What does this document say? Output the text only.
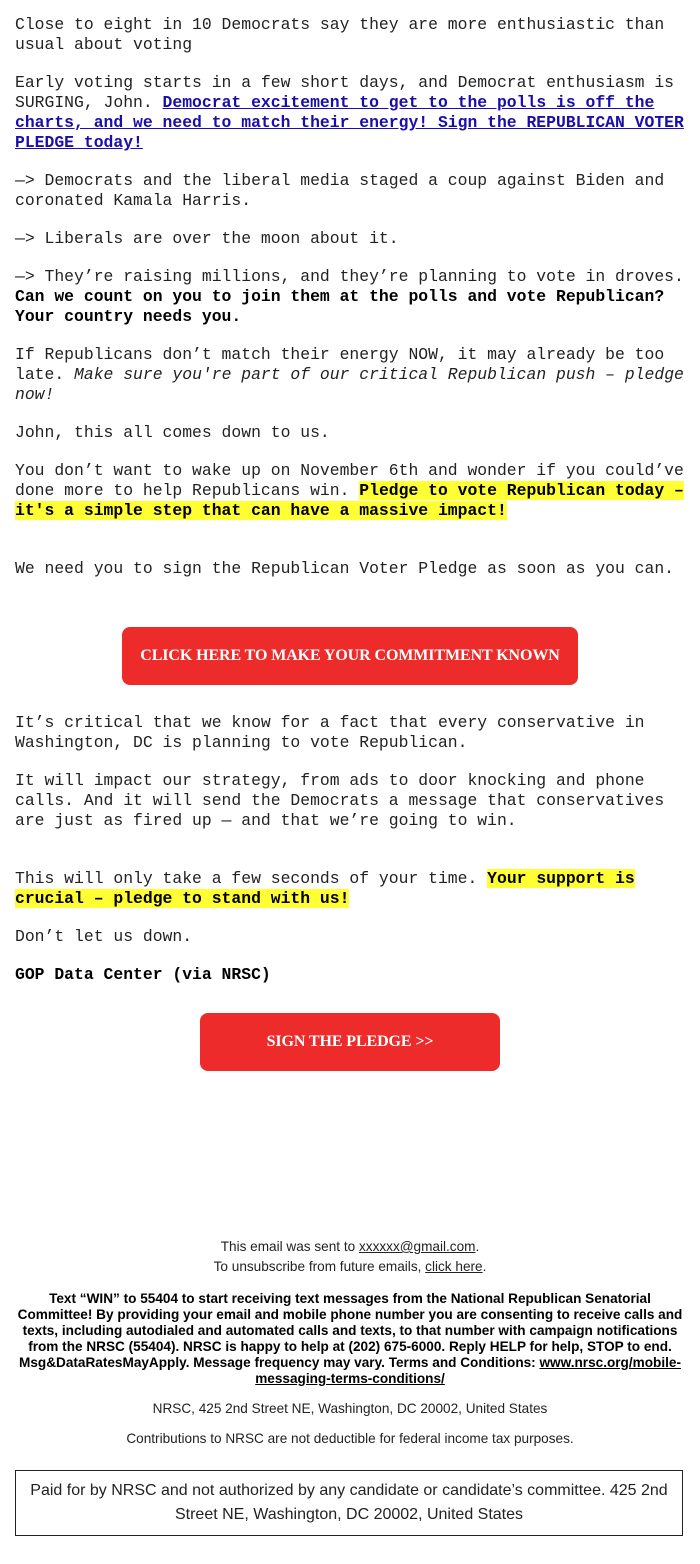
Close to eight in 10 Democrats say they are more enthusiastic than usual about voting

Early voting starts in a few short days, and Democrat enthusiasm is SURGING, John. Democrat excitement to get to the polls is off the charts, and we need to match their energy! Sign the REPUBLICAN VOTER PLEDGE today!

—> Democrats and the liberal media staged a coup against Biden and coronated Kamala Harris.

—> Liberals are over the moon about it.

—> They’re raising millions, and they’re planning to vote in droves. Can we count on you to join them at the polls and vote Republican? Your country needs you.

If Republicans don’t match their energy NOW, it may already be too late. Make sure you're part of our critical Republican push – pledge now!

John, this all comes down to us.

You don’t want to wake up on November 6th and wonder if you could’ve done more to help Republicans win. Pledge to vote Republican today – it's a simple step that can have a massive impact!

We need you to sign the Republican Voter Pledge as soon as you can.

CLICK HERE TO MAKE YOUR COMMITMENT KNOWN

It’s critical that we know for a fact that every conservative in Washington, DC is planning to vote Republican.

It will impact our strategy, from ads to door knocking and phone calls. And it will send the Democrats a message that conservatives are just as fired up — and that we’re going to win.

This will only take a few seconds of your time. Your support is crucial – pledge to stand with us!

Don’t let us down.

GOP Data Center (via NRSC)

SIGN THE PLEDGE >>

This email was sent to xxxxxx@gmail.com.

To unsubscribe from future emails, click here.

Text “WIN” to 55404 to start receiving text messages from the National Republican Senatorial Committee! By providing your email and mobile phone number you are consenting to receive calls and texts, including autodialed and automated calls and texts, to that number with campaign notifications from the NRSC (55404). NRSC is happy to help at (202) 675-6000. Reply HELP for help, STOP to end. Msg&DataRatesMayApply. Message frequency may vary. Terms and Conditions: www.nrsc.org/mobile-messaging-terms-conditions/

NRSC, 425 2nd Street NE, Washington, DC 20002, United States

Contributions to NRSC are not deductible for federal income tax purposes.

Paid for by NRSC and not authorized by any candidate or candidate’s committee. 425 2nd Street NE, Washington, DC 20002, United States
